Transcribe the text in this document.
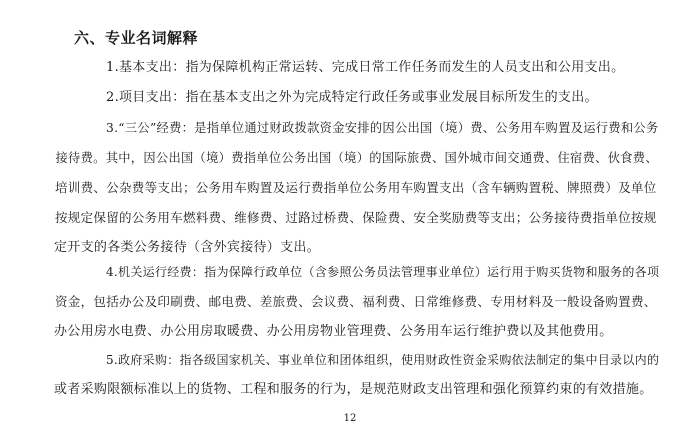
六、专业名词解释
1.基本支出：指为保障机构正常运转、完成日常工作任务而发生的人员支出和公用支出。
2.项目支出：指在基本支出之外为完成特定行政任务或事业发展目标所发生的支出。
3.“三公”经费：是指单位通过财政拨款资金安排的因公出国（境）费、公务用车购置及运行费和公务
接待费。其中，因公出国（境）费指单位公务出国（境）的国际旅费、国外城市间交通费、住宿费、伙食费、
培训费、公杂费等支出；公务用车购置及运行费指单位公务用车购置支出（含车辆购置税、牌照费）及单位
按规定保留的公务用车燃料费、维修费、过路过桥费、保险费、安全奖励费等支出；公务接待费指单位按规
定开支的各类公务接待（含外宾接待）支出。
4.机关运行经费：指为保障行政单位（含参照公务员法管理事业单位）运行用于购买货物和服务的各项
资金，包括办公及印刷费、邮电费、差旅费、会议费、福利费、日常维修费、专用材料及一般设备购置费、
办公用房水电费、办公用房取暖费、办公用房物业管理费、公务用车运行维护费以及其他费用。
5.政府采购：指各级国家机关、事业单位和团体组织，使用财政性资金采购依法制定的集中目录以内的
或者采购限额标准以上的货物、工程和服务的行为，是规范财政支出管理和强化预算约束的有效措施。
12
